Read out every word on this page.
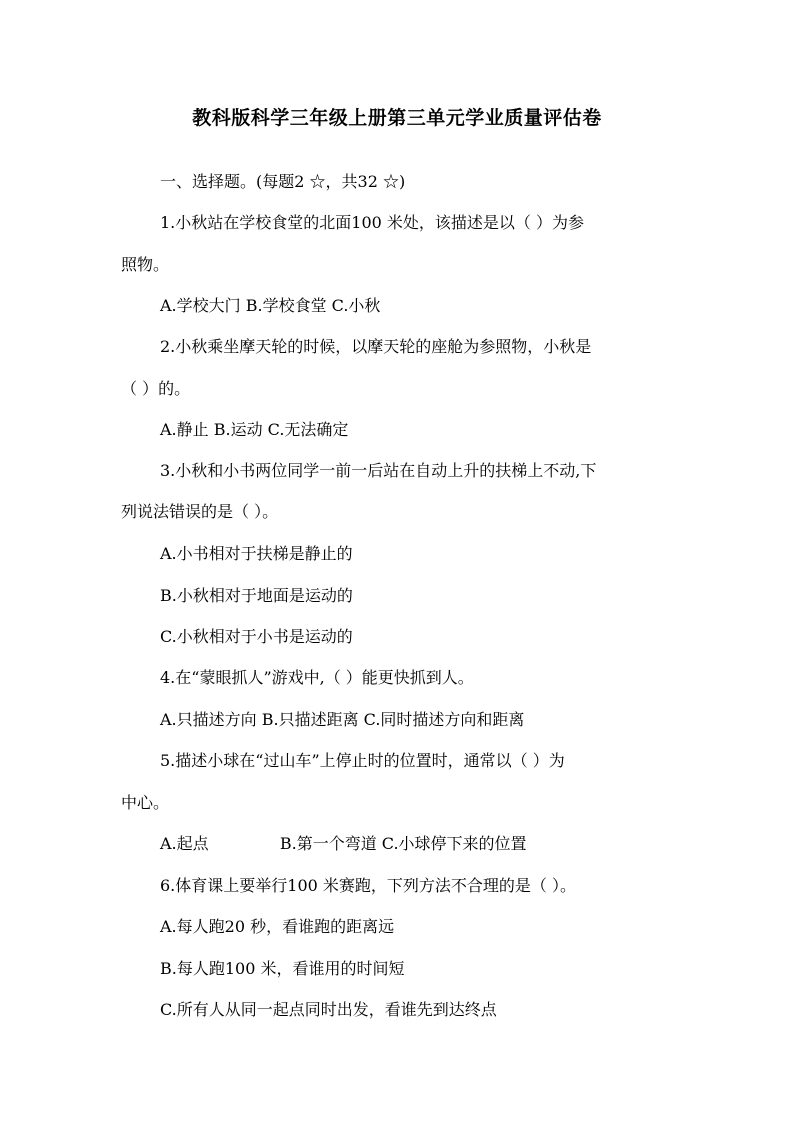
教科版科学三年级上册第三单元学业质量评估卷
一、选择题。(每题2 ☆，共32 ☆)
1.小秋站在学校食堂的北面100 米处，该描述是以（ ）为参
照物。
A.学校大门 B.学校食堂 C.小秋
2.小秋乘坐摩天轮的时候，以摩天轮的座舱为参照物，小秋是
（ ）的。
A.静止 B.运动 C.无法确定
3.小秋和小书两位同学一前一后站在自动上升的扶梯上不动,下
列说法错误的是（ ）。
A.小书相对于扶梯是静止的
B.小秋相对于地面是运动的
C.小秋相对于小书是运动的
4.在“蒙眼抓人”游戏中,（ ）能更快抓到人。
A.只描述方向 B.只描述距离 C.同时描述方向和距离
5.描述小球在“过山车”上停止时的位置时，通常以（ ）为
中心。
A.起点              B.第一个弯道 C.小球停下来的位置
6.体育课上要举行100 米赛跑，下列方法不合理的是（ ）。
A.每人跑20 秒，看谁跑的距离远
B.每人跑100 米，看谁用的时间短
C.所有人从同一起点同时出发，看谁先到达终点
